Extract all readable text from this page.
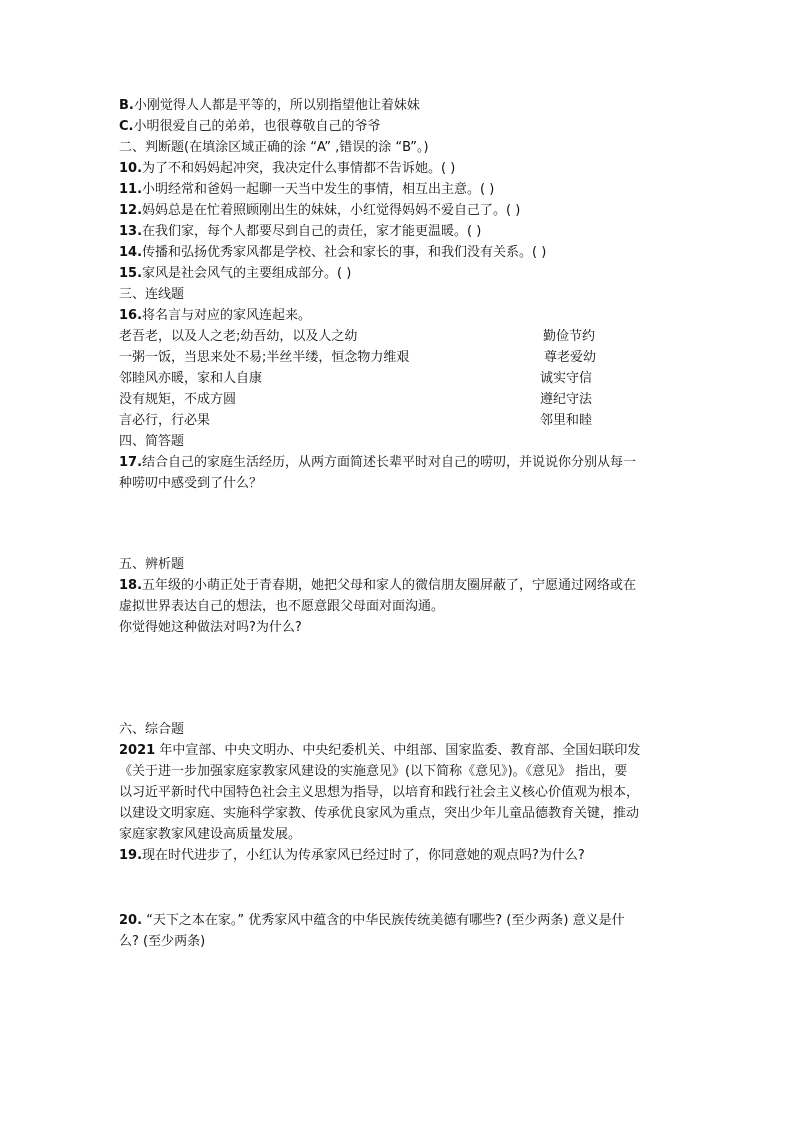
B.小刚觉得人人都是平等的，所以别指望他让着妹妹
C.小明很爱自己的弟弟，也很尊敬自己的爷爷
二、判断题(在填涂区域正确的涂 “A” ,错误的涂 “B”。)
10.为了不和妈妈起冲突，我决定什么事情都不告诉她。( )
11.小明经常和爸妈一起聊一天当中发生的事情，相互出主意。( )
12.妈妈总是在忙着照顾刚出生的妹妹，小红觉得妈妈不爱自己了。( )
13.在我们家，每个人都要尽到自己的责任，家才能更温暖。( )
14.传播和弘扬优秀家风都是学校、社会和家长的事，和我们没有关系。( )
15.家风是社会风气的主要组成部分。( )
三、连线题
16.将名言与对应的家风连起来。
老吾老，以及人之老;幼吾幼，以及人之幼	勤俭节约
一粥一饭，当思来处不易;半丝半缕，恒念物力维艰	尊老爱幼
邻睦风亦暖，家和人自康	诚实守信
没有规矩，不成方圆	遵纪守法
言必行，行必果	邻里和睦
四、简答题
17.结合自己的家庭生活经历，从两方面简述长辈平时对自己的唠叨，并说说你分别从每一
种唠叨中感受到了什么？
五、辨析题
18.五年级的小萌正处于青春期，她把父母和家人的微信朋友圈屏蔽了，宁愿通过网络或在
虚拟世界表达自己的想法，也不愿意跟父母面对面沟通。
你觉得她这种做法对吗?为什么?
六、综合题
2021 年中宣部、中央文明办、中央纪委机关、中组部、国家监委、教育部、全国妇联印发
《关于进一步加强家庭家教家风建设的实施意见》(以下简称《意见》)。《意见》 指出，要
以习近平新时代中国特色社会主义思想为指导，以培育和践行社会主义核心价值观为根本，
以建设文明家庭、实施科学家教、传承优良家风为重点，突出少年儿童品德教育关键，推动
家庭家教家风建设高质量发展。
19.现在时代进步了，小红认为传承家风已经过时了，你同意她的观点吗?为什么?
20. “天下之本在家。” 优秀家风中蕴含的中华民族传统美德有哪些? (至少两条) 意义是什
么? (至少两条)
